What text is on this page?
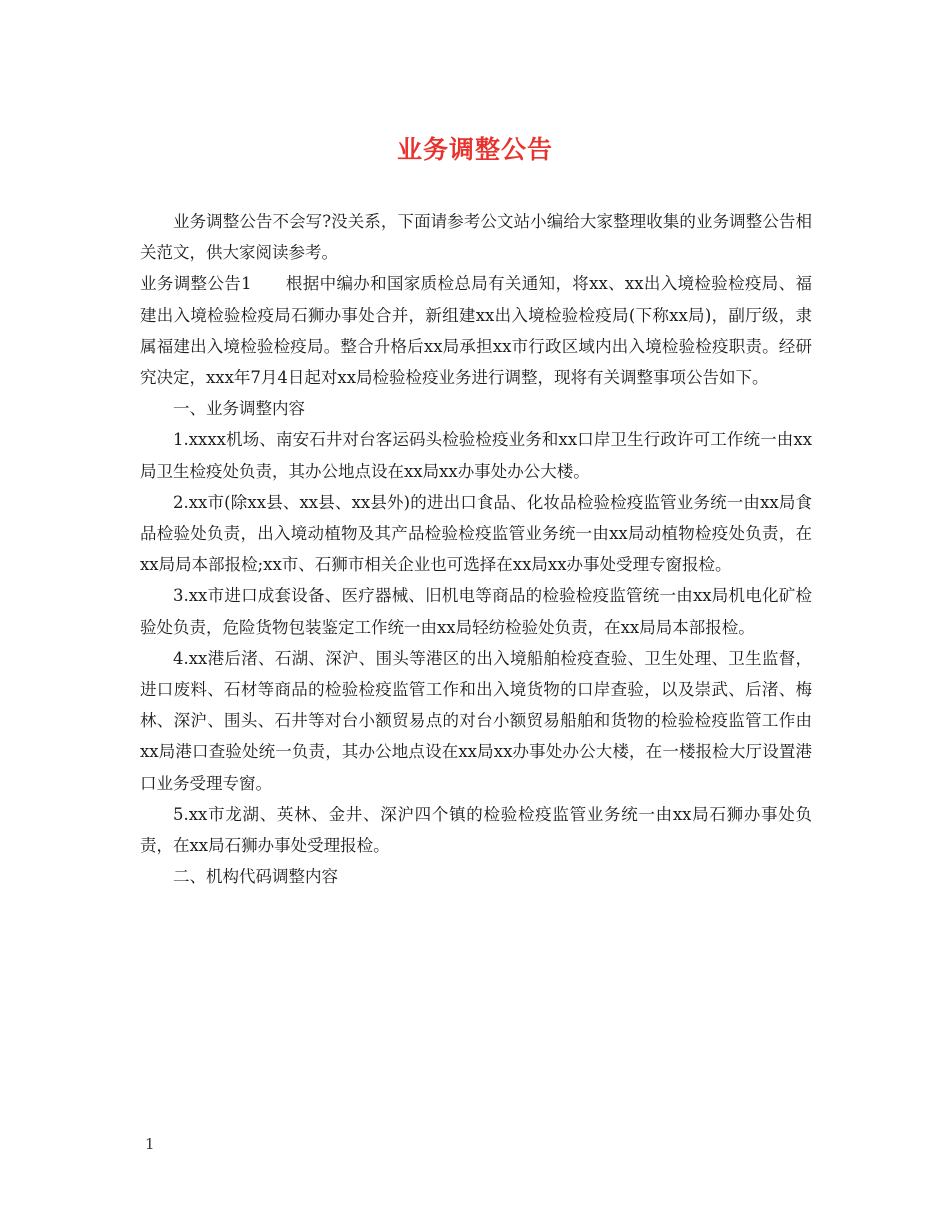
业务调整公告

业务调整公告不会写?没关系，下面请参考公文站小编给大家整理收集的业务调整公告相关范文，供大家阅读参考。

业务调整公告1 根据中编办和国家质检总局有关通知，将xx、xx出入境检验检疫局、福建出入境检验检疫局石狮办事处合并，新组建xx出入境检验检疫局(下称xx局)，副厅级，隶属福建出入境检验检疫局。整合升格后xx局承担xx市行政区域内出入境检验检疫职责。经研究决定，xxx年7月4日起对xx局检验检疫业务进行调整，现将有关调整事项公告如下。

一、业务调整内容

1.xxxx机场、南安石井对台客运码头检验检疫业务和xx口岸卫生行政许可工作统一由xx局卫生检疫处负责，其办公地点设在xx局xx办事处办公大楼。

2.xx市(除xx县、xx县、xx县外)的进出口食品、化妆品检验检疫监管业务统一由xx局食品检验处负责，出入境动植物及其产品检验检疫监管业务统一由xx局动植物检疫处负责，在xx局局本部报检;xx市、石狮市相关企业也可选择在xx局xx办事处受理专窗报检。

3.xx市进口成套设备、医疗器械、旧机电等商品的检验检疫监管统一由xx局机电化矿检验处负责，危险货物包装鉴定工作统一由xx局轻纺检验处负责，在xx局局本部报检。

4.xx港后渚、石湖、深沪、围头等港区的出入境船舶检疫查验、卫生处理、卫生监督，进口废料、石材等商品的检验检疫监管工作和出入境货物的口岸查验，以及崇武、后渚、梅林、深沪、围头、石井等对台小额贸易点的对台小额贸易船舶和货物的检验检疫监管工作由xx局港口查验处统一负责，其办公地点设在xx局xx办事处办公大楼，在一楼报检大厅设置港口业务受理专窗。

5.xx市龙湖、英林、金井、深沪四个镇的检验检疫监管业务统一由xx局石狮办事处负责，在xx局石狮办事处受理报检。

二、机构代码调整内容

1
